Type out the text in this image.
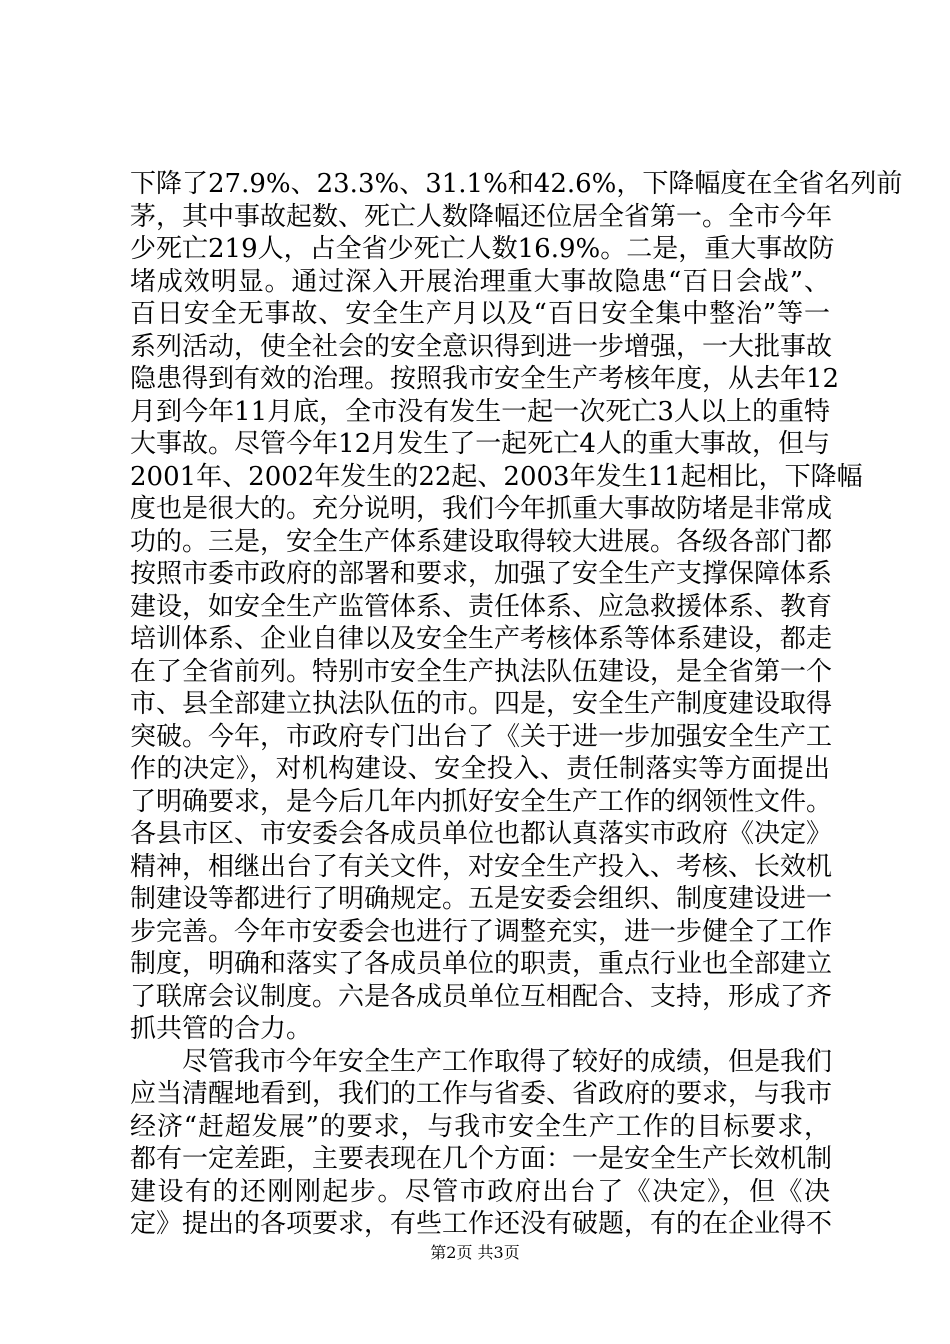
下降了27.9%、23.3%、31.1%和42.6%，下降幅度在全省名列前
茅，其中事故起数、死亡人数降幅还位居全省第一。全市今年
少死亡219人，占全省少死亡人数16.9%。二是，重大事故防
堵成效明显。通过深入开展治理重大事故隐患“百日会战”、
百日安全无事故、安全生产月以及“百日安全集中整治”等一
系列活动，使全社会的安全意识得到进一步增强，一大批事故
隐患得到有效的治理。按照我市安全生产考核年度，从去年12
月到今年11月底，全市没有发生一起一次死亡3人以上的重特
大事故。尽管今年12月发生了一起死亡4人的重大事故，但与
2001年、2002年发生的22起、2003年发生11起相比，下降幅
度也是很大的。充分说明，我们今年抓重大事故防堵是非常成
功的。三是，安全生产体系建设取得较大进展。各级各部门都
按照市委市政府的部署和要求，加强了安全生产支撑保障体系
建设，如安全生产监管体系、责任体系、应急救援体系、教育
培训体系、企业自律以及安全生产考核体系等体系建设，都走
在了全省前列。特别市安全生产执法队伍建设，是全省第一个
市、县全部建立执法队伍的市。四是，安全生产制度建设取得
突破。今年，市政府专门出台了《关于进一步加强安全生产工
作的决定》，对机构建设、安全投入、责任制落实等方面提出
了明确要求，是今后几年内抓好安全生产工作的纲领性文件。
各县市区、市安委会各成员单位也都认真落实市政府《决定》
精神，相继出台了有关文件，对安全生产投入、考核、长效机
制建设等都进行了明确规定。五是安委会组织、制度建设进一
步完善。今年市安委会也进行了调整充实，进一步健全了工作
制度，明确和落实了各成员单位的职责，重点行业也全部建立
了联席会议制度。六是各成员单位互相配合、支持，形成了齐
抓共管的合力。
　　尽管我市今年安全生产工作取得了较好的成绩，但是我们
应当清醒地看到，我们的工作与省委、省政府的要求，与我市
经济“赶超发展”的要求，与我市安全生产工作的目标要求，
都有一定差距，主要表现在几个方面：一是安全生产长效机制
建设有的还刚刚起步。尽管市政府出台了《决定》，但《决
定》提出的各项要求，有些工作还没有破题，有的在企业得不
第2页 共3页
